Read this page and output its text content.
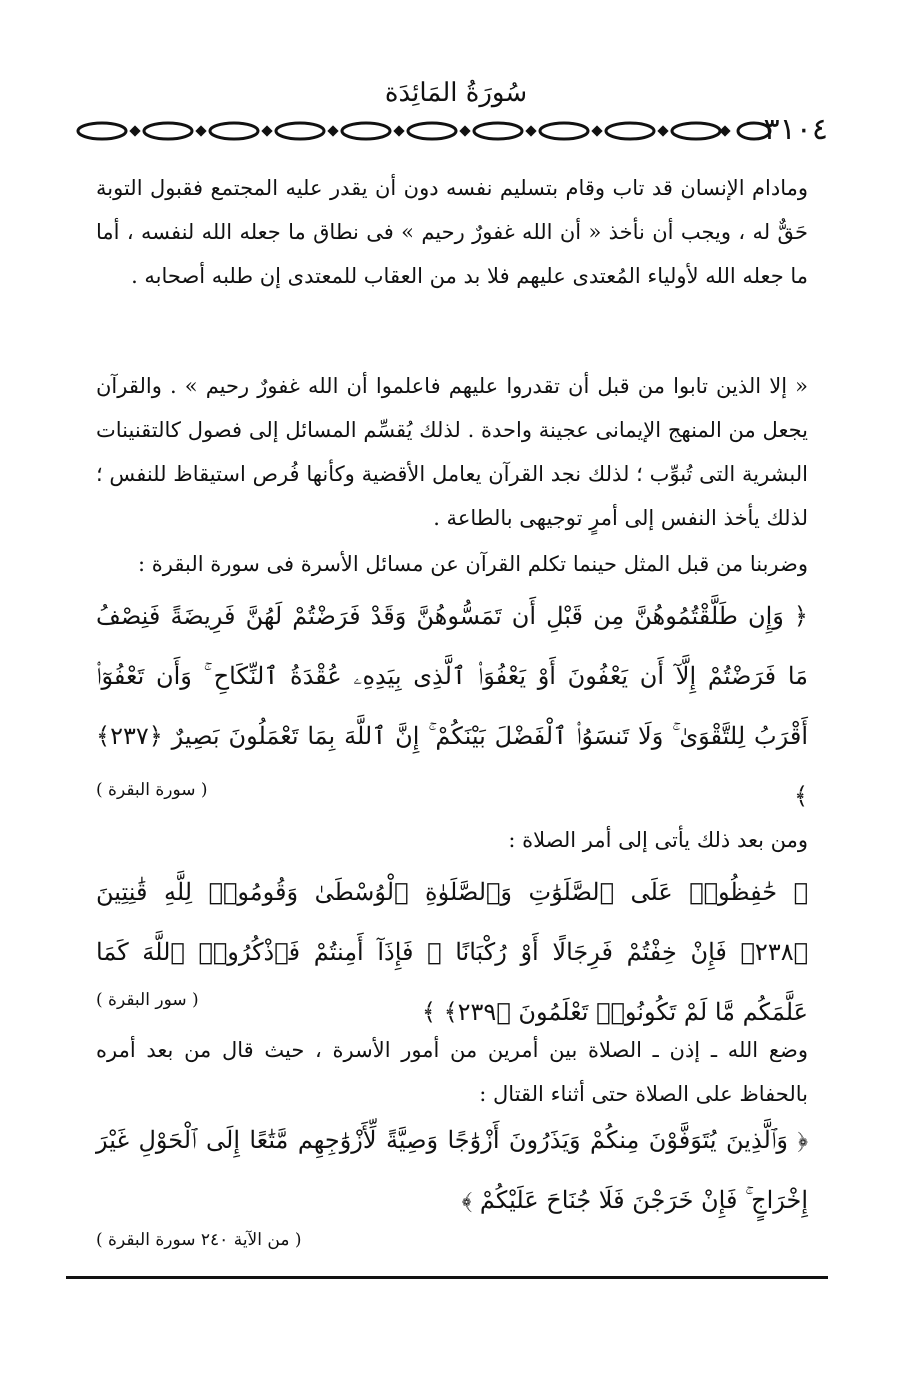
سُورَةُ المَائِدَة
٣١٠٤
ومادام الإنسان قد تاب وقام بتسليم نفسه دون أن يقدر عليه المجتمع فقبول التوبة حَقٌّ له ، ويجب أن نأخذ « أن الله غفورٌ رحيم » فى نطاق ما جعله الله لنفسه ، أما ما جعله الله لأولياء المُعتدى عليهم فلا بد من العقاب للمعتدى إن طلبه أصحابه .
« إلا الذين تابوا من قبل أن تقدروا عليهم فاعلموا أن الله غفورٌ رحيم » . والقرآن يجعل من المنهج الإيمانى عجينة واحدة . لذلك يُقسِّم المسائل إلى فصول كالتقنينات البشرية التى تُبوِّب ؛ لذلك نجد القرآن يعامل الأقضية وكأنها فُرص استيقاظ للنفس ؛ لذلك يأخذ النفس إلى أمرٍ توجيهى بالطاعة .
وضربنا من قبل المثل حينما تكلم القرآن عن مسائل الأسرة فى سورة البقرة :
﴿ وَإِن طَلَّقْتُمُوهُنَّ مِن قَبْلِ أَن تَمَسُّوهُنَّ وَقَدْ فَرَضْتُمْ لَهُنَّ فَرِيضَةً فَنِصْفُ مَا فَرَضْتُمْ إِلَّآ أَن يَعْفُونَ أَوْ يَعْفُوَا۟ ٱلَّذِى بِيَدِهِۦ عُقْدَةُ ٱلنِّكَاحِ ۚ وَأَن تَعْفُوٓا۟ أَقْرَبُ لِلتَّقْوَىٰ ۚ وَلَا تَنسَوُا۟ ٱلْفَضْلَ بَيْنَكُمْ ۚ إِنَّ ٱللَّهَ بِمَا تَعْمَلُونَ بَصِيرٌ ﴿٢٣٧﴾ ﴾
( سورة البقرة )
ومن بعد ذلك يأتى إلى أمر الصلاة :
﴿ حَٰفِظُوا۟ عَلَى ٱلصَّلَوَٰتِ وَٱلصَّلَوٰةِ ٱلْوُسْطَىٰ وَقُومُوا۟ لِلَّهِ قَٰنِتِينَ ﴿٢٣٨﴾ فَإِنْ خِفْتُمْ فَرِجَالًا أَوْ رُكْبَانًا ۖ فَإِذَآ أَمِنتُمْ فَٱذْكُرُوا۟ ٱللَّهَ كَمَا عَلَّمَكُم مَّا لَمْ تَكُونُوا۟ تَعْلَمُونَ ﴿٢٣٩﴾ ﴾
( سور البقرة )
وضع الله ـ إذن ـ الصلاة بين أمرين من أمور الأسرة ، حيث قال من بعد أمره بالحفاظ على الصلاة حتى أثناء القتال :
﴿ وَٱلَّذِينَ يُتَوَفَّوْنَ مِنكُمْ وَيَذَرُونَ أَزْوَٰجًا وَصِيَّةً لِّأَزْوَٰجِهِم مَّتَٰعًا إِلَى ٱلْحَوْلِ غَيْرَ إِخْرَاجٍ ۚ فَإِنْ خَرَجْنَ فَلَا جُنَاحَ عَلَيْكُمْ ﴾
( من الآية ٢٤٠ سورة البقرة )
